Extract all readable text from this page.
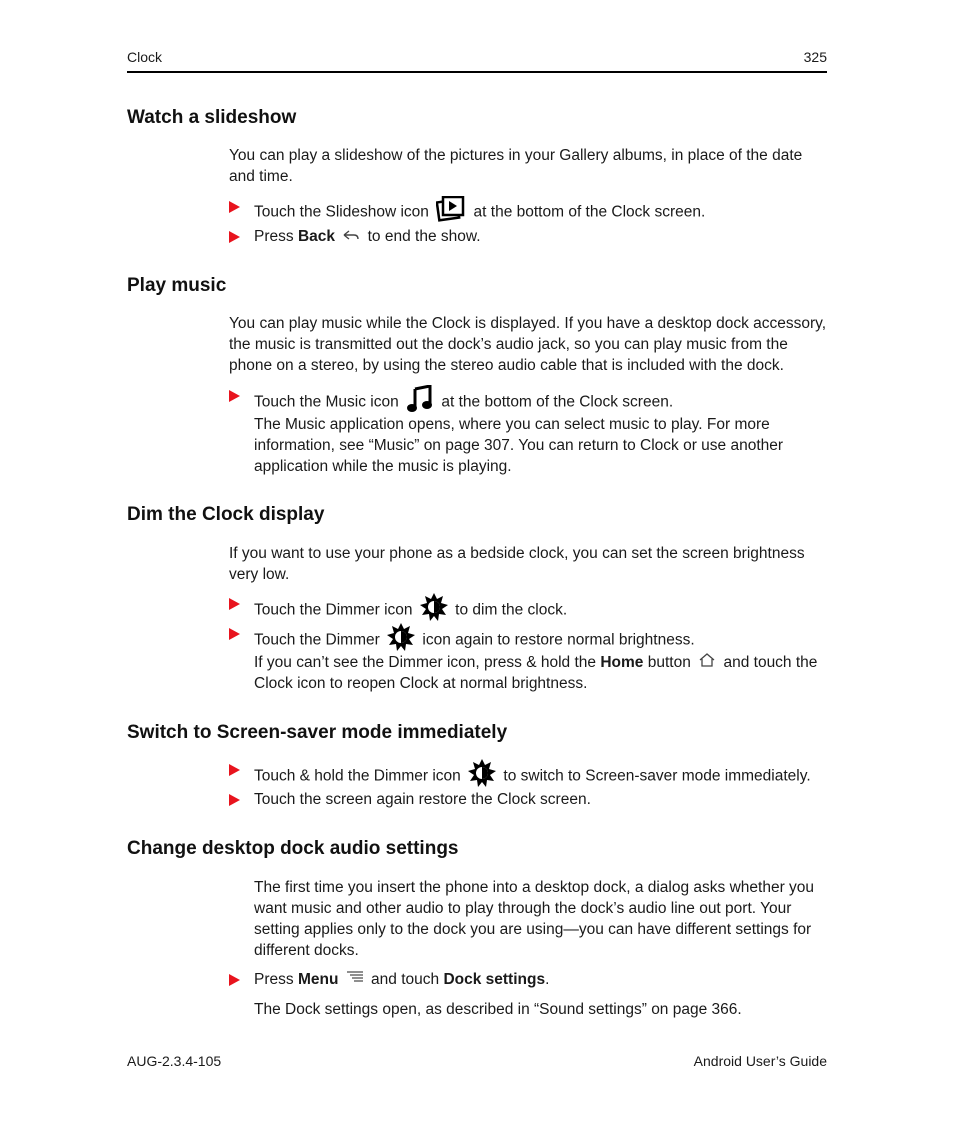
Clock	325
Watch a slideshow

You can play a slideshow of the pictures in your Gallery albums, in place of the date and time.

Touch the Slideshow icon	at the bottom of the Clock screen.
Press Back to end the show.
Play music

You can play music while the Clock is displayed. If you have a desktop dock accessory, the music is transmitted out the dock’s audio jack, so you can play music from the phone on a stereo, by using the stereo audio cable that is included with the dock.

Touch the Music icon	at the bottom of the Clock screen.

The Music application opens, where you can select music to play. For more information, see “Music” on page 307. You can return to Clock or use another application while the music is playing.

Dim the Clock display

If you want to use your phone as a bedside clock, you can set the screen brightness very low.

Touch the Dimmer icon	to dim the clock.
Touch the Dimmer	icon again to restore normal brightness.
If you can’t see the Dimmer icon, press & hold the Home button and touch the
Clock icon to reopen Clock at normal brightness.
Switch to Screen-saver mode immediately
Touch & hold the Dimmer icon	to switch to Screen-saver mode immediately.
Touch the screen again restore the Clock screen.
Change desktop dock audio settings

The first time you insert the phone into a desktop dock, a dialog asks whether you want music and other audio to play through the dock’s audio line out port. Your setting applies only to the dock you are using—you can have different settings for different docks.

Press Menu and touch Dock settings.

The Dock settings open, as described in “Sound settings” on page 366.

AUG-2.3.4-105	Android User’s Guide
